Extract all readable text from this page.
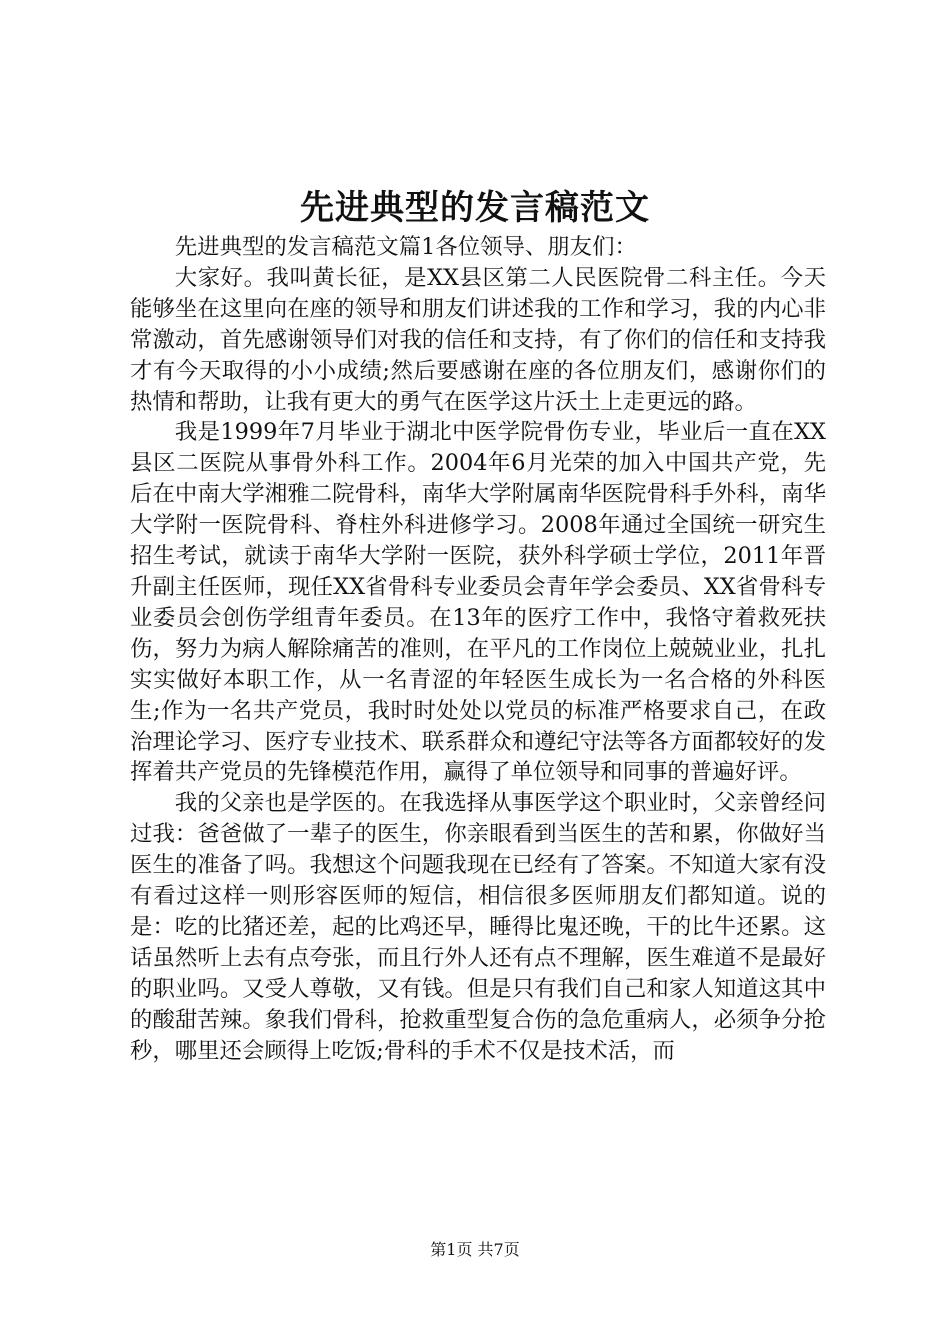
先进典型的发言稿范文

先进典型的发言稿范文篇1各位领导、朋友们：

大家好。我叫黄长征，是XX县区第二人民医院骨二科主任。今天能够坐在这里向在座的领导和朋友们讲述我的工作和学习，我的内心非常激动，首先感谢领导们对我的信任和支持，有了你们的信任和支持我才有今天取得的小小成绩;然后要感谢在座的各位朋友们，感谢你们的热情和帮助，让我有更大的勇气在医学这片沃土上走更远的路。

我是1999年7月毕业于湖北中医学院骨伤专业，毕业后一直在XX县区二医院从事骨外科工作。2004年6月光荣的加入中国共产党，先后在中南大学湘雅二院骨科，南华大学附属南华医院骨科手外科，南华大学附一医院骨科、脊柱外科进修学习。2008年通过全国统一研究生招生考试，就读于南华大学附一医院，获外科学硕士学位，2011年晋升副主任医师，现任XX省骨科专业委员会青年学会委员、XX省骨科专业委员会创伤学组青年委员。在13年的医疗工作中，我恪守着救死扶伤，努力为病人解除痛苦的准则，在平凡的工作岗位上兢兢业业，扎扎实实做好本职工作，从一名青涩的年轻医生成长为一名合格的外科医生;作为一名共产党员，我时时处处以党员的标准严格要求自己，在政治理论学习、医疗专业技术、联系群众和遵纪守法等各方面都较好的发挥着共产党员的先锋模范作用，赢得了单位领导和同事的普遍好评。

我的父亲也是学医的。在我选择从事医学这个职业时，父亲曾经问过我：爸爸做了一辈子的医生，你亲眼看到当医生的苦和累，你做好当医生的准备了吗。我想这个问题我现在已经有了答案。不知道大家有没有看过这样一则形容医师的短信，相信很多医师朋友们都知道。说的是：吃的比猪还差，起的比鸡还早，睡得比鬼还晚，干的比牛还累。这话虽然听上去有点夸张，而且行外人还有点不理解，医生难道不是最好的职业吗。又受人尊敬，又有钱。但是只有我们自己和家人知道这其中的酸甜苦辣。象我们骨科，抢救重型复合伤的急危重病人，必须争分抢秒，哪里还会顾得上吃饭;骨科的手术不仅是技术活，而

第1页 共7页
